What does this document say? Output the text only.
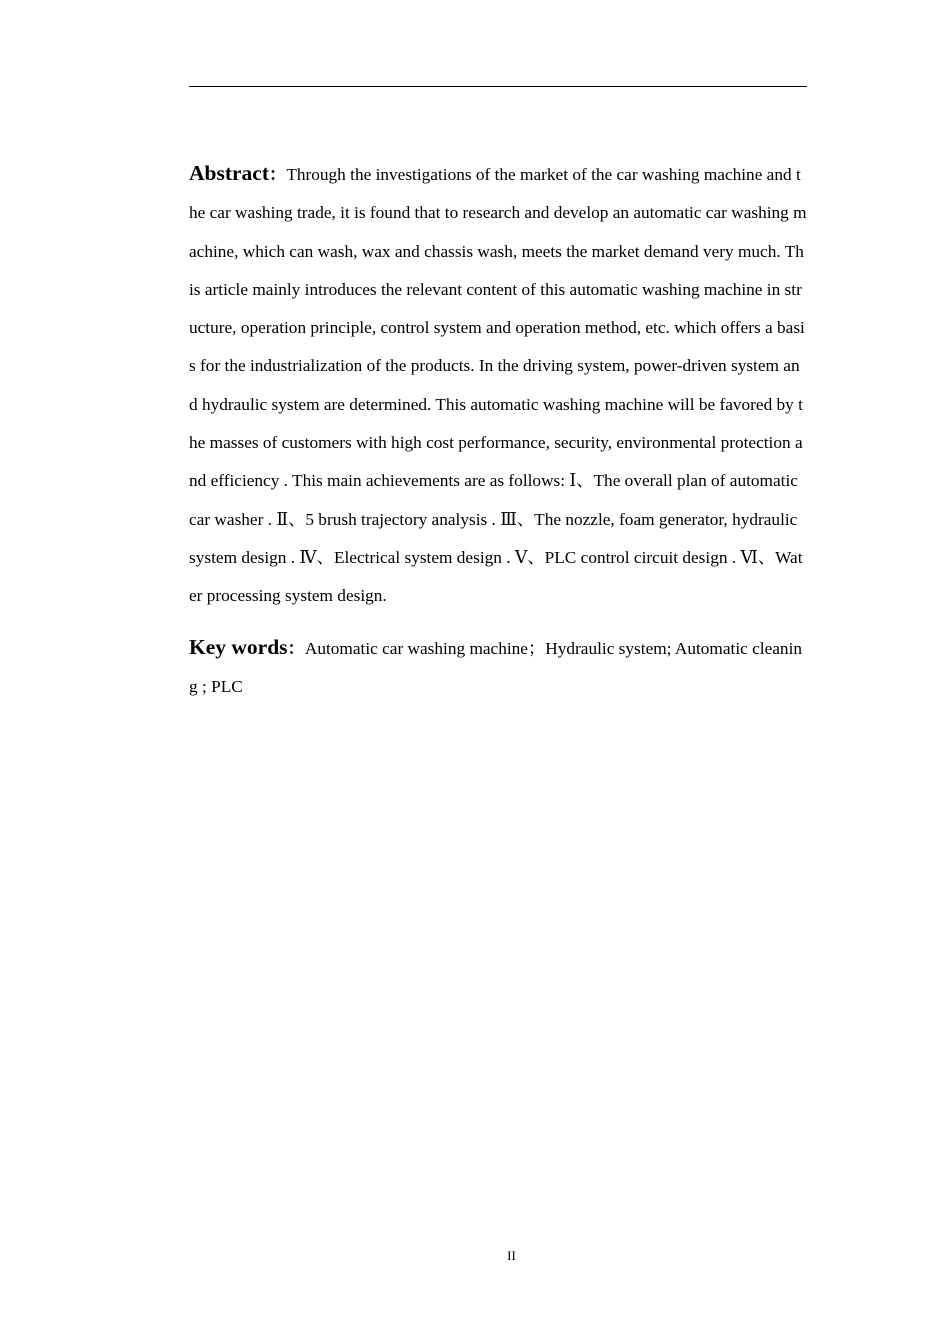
Abstract：Through the investigations of the market of the car washing machine and the car washing trade, it is found that to research and develop an automatic car washing machine, which can wash, wax and chassis wash, meets the market demand very much. This article mainly introduces the relevant content of this automatic washing machine in structure, operation principle, control system and operation method, etc. which offers a basis for the industrialization of the products. In the driving system, power-driven system and hydraulic system are determined. This automatic washing machine will be favored by the masses of customers with high cost performance, security, environmental protection and efficiency . This main achievements are as follows: Ⅰ、The overall plan of automatic car washer . Ⅱ、5 brush trajectory analysis . Ⅲ、The nozzle, foam generator, hydraulic system design . Ⅳ、Electrical system design . Ⅴ、PLC control circuit design . Ⅵ、Water processing system design.

Key words：Automatic car washing machine；Hydraulic system; Automatic cleaning ; PLC

II
